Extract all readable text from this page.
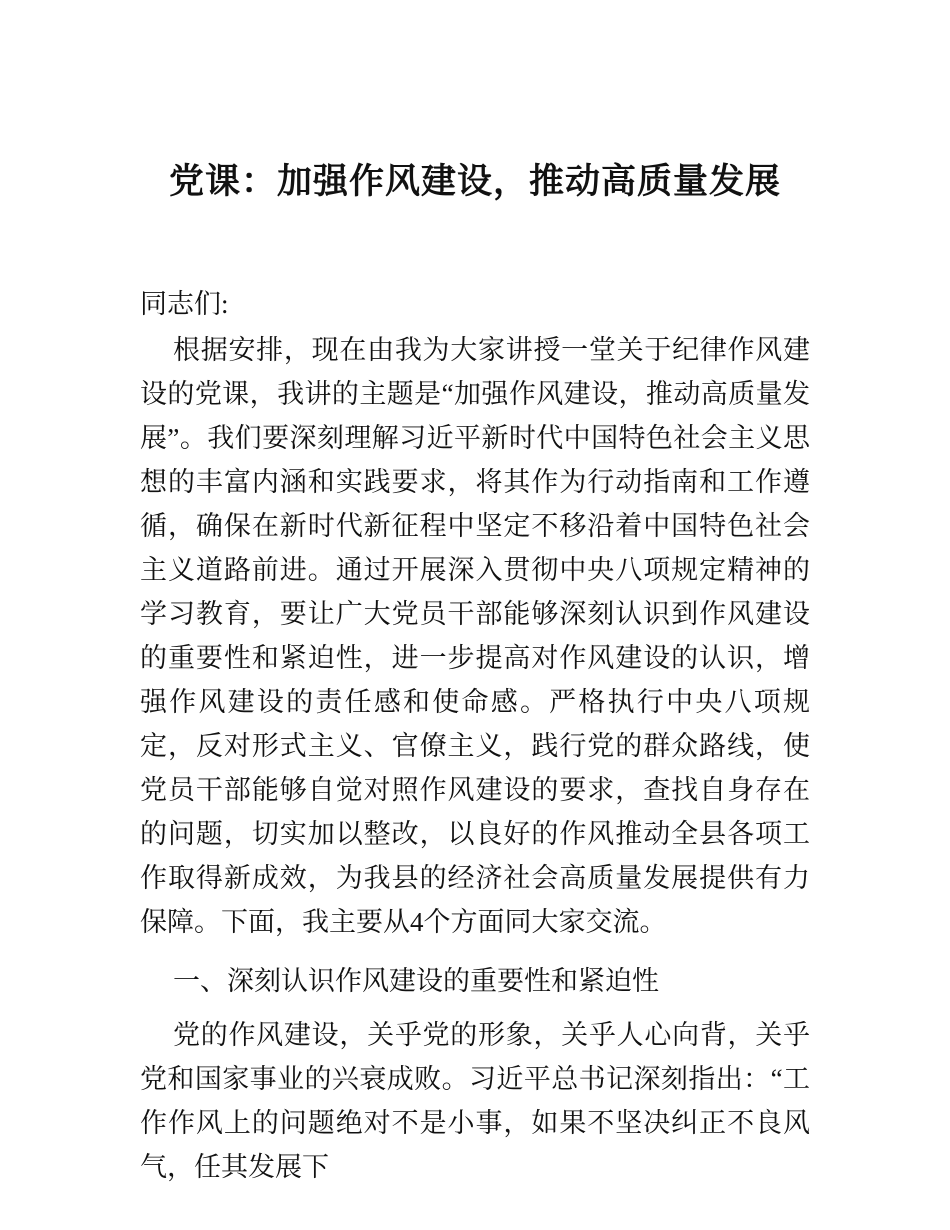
党课：加强作风建设，推动高质量发展
同志们:

根据安排，现在由我为大家讲授一堂关于纪律作风建设的党课，我讲的主题是“加强作风建设，推动高质量发展”。我们要深刻理解习近平新时代中国特色社会主义思想的丰富内涵和实践要求，将其作为行动指南和工作遵循，确保在新时代新征程中坚定不移沿着中国特色社会主义道路前进。通过开展深入贯彻中央八项规定精神的学习教育，要让广大党员干部能够深刻认识到作风建设的重要性和紧迫性，进一步提高对作风建设的认识，增强作风建设的责任感和使命感。严格执行中央八项规定，反对形式主义、官僚主义，践行党的群众路线，使党员干部能够自觉对照作风建设的要求，查找自身存在的问题，切实加以整改，以良好的作风推动全县各项工作取得新成效，为我县的经济社会高质量发展提供有力保障。下面，我主要从4个方面同大家交流。

一、深刻认识作风建设的重要性和紧迫性

党的作风建设，关乎党的形象，关乎人心向背，关乎党和国家事业的兴衰成败。习近平总书记深刻指出：“工作作风上的问题绝对不是小事，如果不坚决纠正不良风气，任其发展下
